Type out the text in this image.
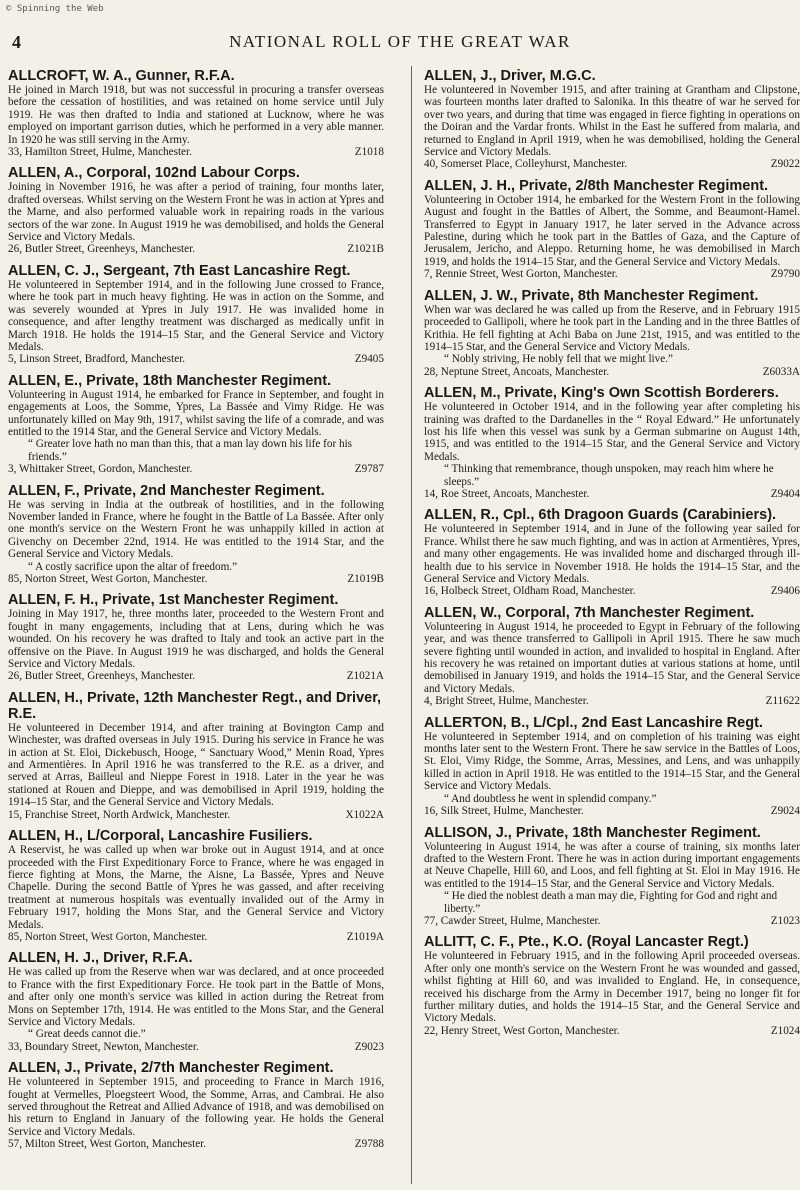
© Spinning the Web
4	NATIONAL ROLL OF THE GREAT WAR

ALLCROFT, W. A., Gunner, R.F.A.

He joined in March 1918, but was not successful in procuring a transfer overseas before the cessation of hostilities, and was retained on home service until July 1919. He was then drafted to India and stationed at Lucknow, where he was employed on important garrison duties, which he performed in a very able manner. In 1920 he was still serving in the Army.

33, Hamilton Street, Hulme, Manchester.	Z1018

ALLEN, A., Corporal, 102nd Labour Corps.

Joining in November 1916, he was after a period of training, four months later, drafted overseas. Whilst serving on the Western Front he was in action at Ypres and the Marne, and also performed valuable work in repairing roads in the various sectors of the war zone. In August 1919 he was demobilised, and holds the General Service and Victory Medals.

26, Butler Street, Greenheys, Manchester.	Z1021B

ALLEN, C. J., Sergeant, 7th East Lancashire Regt.

He volunteered in September 1914, and in the following June crossed to France, where he took part in much heavy fighting. He was in action on the Somme, and was severely wounded at Ypres in July 1917. He was invalided home in consequence, and after lengthy treatment was discharged as medically unfit in March 1918. He holds the 1914–15 Star, and the General Service and Victory Medals.

5, Linson Street, Bradford, Manchester.	Z9405

ALLEN, E., Private, 18th Manchester Regiment.

Volunteering in August 1914, he embarked for France in September, and fought in engagements at Loos, the Somme, Ypres, La Bassée and Vimy Ridge. He was unfortunately killed on May 9th, 1917, whilst saving the life of a comrade, and was entitled to the 1914 Star, and the General Service and Victory Medals.

“ Greater love hath no man than this, that a man lay down his life for his friends.”

3, Whittaker Street, Gordon, Manchester.	Z9787

ALLEN, F., Private, 2nd Manchester Regiment.

He was serving in India at the outbreak of hostilities, and in the following November landed in France, where he fought in the Battle of La Bassée. After only one month's service on the Western Front he was unhappily killed in action at Givenchy on December 22nd, 1914. He was entitled to the 1914 Star, and the General Service and Victory Medals.

“ A costly sacrifice upon the altar of freedom.”

85, Norton Street, West Gorton, Manchester.	Z1019B

ALLEN, F. H., Private, 1st Manchester Regiment.

Joining in May 1917, he, three months later, proceeded to the Western Front and fought in many engagements, including that at Lens, during which he was wounded. On his recovery he was drafted to Italy and took an active part in the offensive on the Piave. In August 1919 he was discharged, and holds the General Service and Victory Medals.

26, Butler Street, Greenheys, Manchester.	Z1021A

ALLEN, H., Private, 12th Manchester Regt., and Driver, R.E.

He volunteered in December 1914, and after training at Bovington Camp and Winchester, was drafted overseas in July 1915. During his service in France he was in action at St. Eloi, Dickebusch, Hooge, “ Sanctuary Wood,” Menin Road, Ypres and Armentières. In April 1916 he was transferred to the R.E. as a driver, and served at Arras, Bailleul and Nieppe Forest in 1918. Later in the year he was stationed at Rouen and Dieppe, and was demobilised in April 1919, holding the 1914–15 Star, and the General Service and Victory Medals.

15, Franchise Street, North Ardwick, Manchester.	X1022A

ALLEN, H., L/Corporal, Lancashire Fusiliers.

A Reservist, he was called up when war broke out in August 1914, and at once proceeded with the First Expeditionary Force to France, where he was engaged in fierce fighting at Mons, the Marne, the Aisne, La Bassée, Ypres and Neuve Chapelle. During the second Battle of Ypres he was gassed, and after receiving treatment at numerous hospitals was eventually invalided out of the Army in February 1917, holding the Mons Star, and the General Service and Victory Medals.

85, Norton Street, West Gorton, Manchester.	Z1019A

ALLEN, H. J., Driver, R.F.A.

He was called up from the Reserve when war was declared, and at once proceeded to France with the first Expeditionary Force. He took part in the Battle of Mons, and after only one month's service was killed in action during the Retreat from Mons on September 17th, 1914. He was entitled to the Mons Star, and the General Service and Victory Medals.

“ Great deeds cannot die.”

33, Boundary Street, Newton, Manchester.	Z9023

ALLEN, J., Private, 2/7th Manchester Regiment.

He volunteered in September 1915, and proceeding to France in March 1916, fought at Vermelles, Ploegsteert Wood, the Somme, Arras, and Cambrai. He also served throughout the Retreat and Allied Advance of 1918, and was demobilised on his return to England in January of the following year. He holds the General Service and Victory Medals.

57, Milton Street, West Gorton, Manchester.	Z9788

ALLEN, J., Driver, M.G.C.

He volunteered in November 1915, and after training at Grantham and Clipstone, was fourteen months later drafted to Salonika. In this theatre of war he served for over two years, and during that time was engaged in fierce fighting in operations on the Doiran and the Vardar fronts. Whilst in the East he suffered from malaria, and returned to England in April 1919, when he was demobilised, holding the General Service and Victory Medals.

40, Somerset Place, Colleyhurst, Manchester.	Z9022

ALLEN, J. H., Private, 2/8th Manchester Regiment.

Volunteering in October 1914, he embarked for the Western Front in the following August and fought in the Battles of Albert, the Somme, and Beaumont-Hamel. Transferred to Egypt in January 1917, he later served in the Advance across Palestine, during which he took part in the Battles of Gaza, and the Capture of Jerusalem, Jericho, and Aleppo. Returning home, he was demobilised in March 1919, and holds the 1914–15 Star, and the General Service and Victory Medals.

7, Rennie Street, West Gorton, Manchester.	Z9790

ALLEN, J. W., Private, 8th Manchester Regiment.

When war was declared he was called up from the Reserve, and in February 1915 proceeded to Gallipoli, where he took part in the Landing and in the three Battles of Krithia. He fell fighting at Achi Baba on June 21st, 1915, and was entitled to the 1914–15 Star, and the General Service and Victory Medals.

“ Nobly striving, He nobly fell that we might live.”

28, Neptune Street, Ancoats, Manchester.	Z6033A

ALLEN, M., Private, King's Own Scottish Borderers.

He volunteered in October 1914, and in the following year after completing his training was drafted to the Dardanelles in the “ Royal Edward.” He unfortunately lost his life when this vessel was sunk by a German submarine on August 14th, 1915, and was entitled to the 1914–15 Star, and the General Service and Victory Medals.

“ Thinking that remembrance, though unspoken, may reach him where he sleeps.”

14, Roe Street, Ancoats, Manchester.	Z9404

ALLEN, R., Cpl., 6th Dragoon Guards (Carabiniers).

He volunteered in September 1914, and in June of the following year sailed for France. Whilst there he saw much fighting, and was in action at Armentières, Ypres, and many other engagements. He was invalided home and discharged through ill-health due to his service in November 1918. He holds the 1914–15 Star, and the General Service and Victory Medals.

16, Holbeck Street, Oldham Road, Manchester.	Z9406

ALLEN, W., Corporal, 7th Manchester Regiment.

Volunteering in August 1914, he proceeded to Egypt in February of the following year, and was thence transferred to Gallipoli in April 1915. There he saw much severe fighting until wounded in action, and invalided to hospital in England. After his recovery he was retained on important duties at various stations at home, until demobilised in January 1919, and holds the 1914–15 Star, and the General Service and Victory Medals.

4, Bright Street, Hulme, Manchester.	Z11622

ALLERTON, B., L/Cpl., 2nd East Lancashire Regt.

He volunteered in September 1914, and on completion of his training was eight months later sent to the Western Front. There he saw service in the Battles of Loos, St. Eloi, Vimy Ridge, the Somme, Arras, Messines, and Lens, and was unhappily killed in action in April 1918. He was entitled to the 1914–15 Star, and the General Service and Victory Medals.

“ And doubtless he went in splendid company.”

16, Silk Street, Hulme, Manchester.	Z9024

ALLISON, J., Private, 18th Manchester Regiment.

Volunteering in August 1914, he was after a course of training, six months later drafted to the Western Front. There he was in action during important engagements at Neuve Chapelle, Hill 60, and Loos, and fell fighting at St. Eloi in May 1916. He was entitled to the 1914–15 Star, and the General Service and Victory Medals.

“ He died the noblest death a man may die, Fighting for God and right and liberty.”

77, Cawder Street, Hulme, Manchester.	Z1023

ALLITT, C. F., Pte., K.O. (Royal Lancaster Regt.)

He volunteered in February 1915, and in the following April proceeded overseas. After only one month's service on the Western Front he was wounded and gassed, whilst fighting at Hill 60, and was invalided to England. He, in consequence, received his discharge from the Army in December 1917, being no longer fit for further military duties, and holds the 1914–15 Star, and the General Service and Victory Medals.

22, Henry Street, West Gorton, Manchester.	Z1024
